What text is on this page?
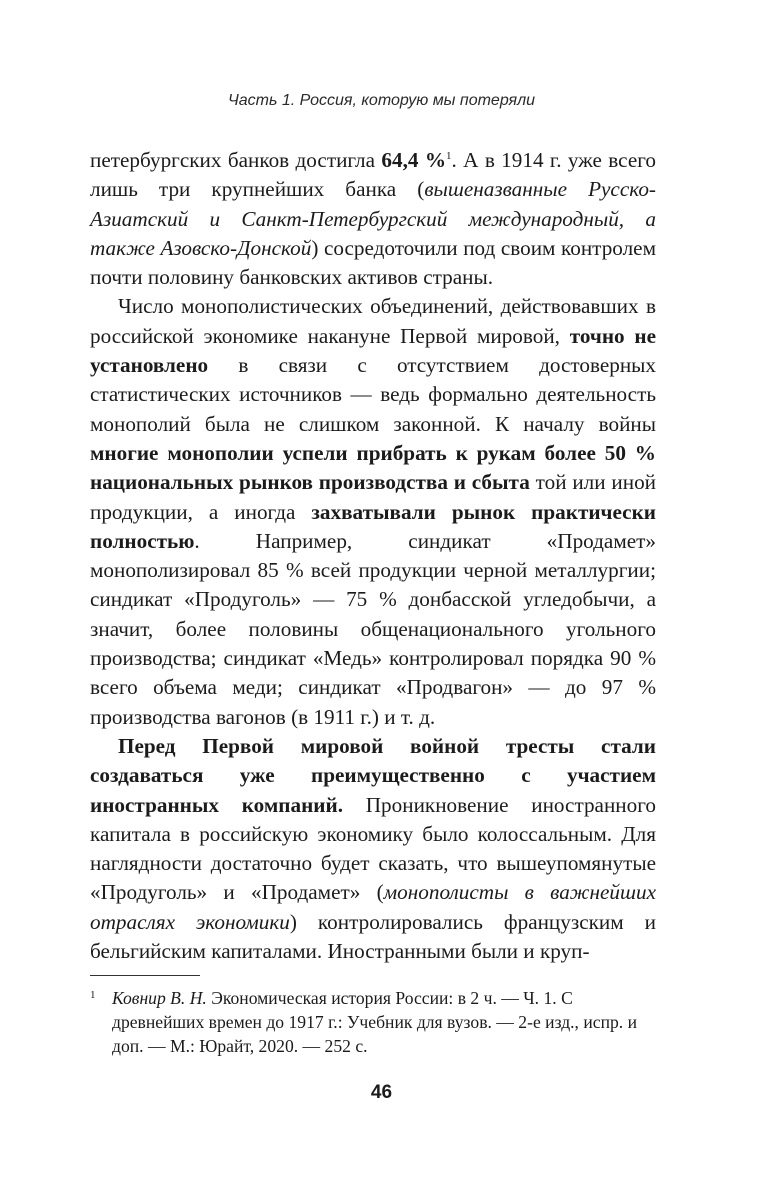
Часть 1. Россия, которую мы потеряли

петербургских банков достигла 64,4 %$^1$. А в 1914 г. уже всего лишь три крупнейших банка (вышеназванные Русско-Азиатский и Санкт-Петербургский международный, а также Азовско-Донской) сосредоточили под своим контролем почти половину банковских активов страны.

Число монополистических объединений, действовавших в российской экономике накануне Первой мировой, точно не установлено в связи с отсутствием достоверных статистических источников — ведь формально деятельность монополий была не слишком законной. К началу войны многие монополии успели прибрать к рукам более 50 % национальных рынков производства и сбыта той или иной продукции, а иногда захватывали рынок практически полностью. Например, синдикат «Продамет» монополизировал 85 % всей продукции черной металлургии; синдикат «Продуголь» — 75 % донбасской угледобычи, а значит, более половины общенационального угольного производства; синдикат «Медь» контролировал порядка 90 % всего объема меди; синдикат «Продвагон» — до 97 % производства вагонов (в 1911 г.) и т. д.

Перед Первой мировой войной тресты стали создаваться уже преимущественно с участием иностранных компаний. Проникновение иностранного капитала в российскую экономику было колоссальным. Для наглядности достаточно будет сказать, что вышеупомянутые «Продуголь» и «Продамет» (монополисты в важнейших отраслях экономики) контролировались французским и бельгийским капиталами. Иностранными были и круп-

1 Ковнир В. Н. Экономическая история России: в 2 ч. — Ч. 1. С древнейших времен до 1917 г.: Учебник для вузов. — 2-е изд., испр. и доп. — М.: Юрайт, 2020. — 252 с.
46
